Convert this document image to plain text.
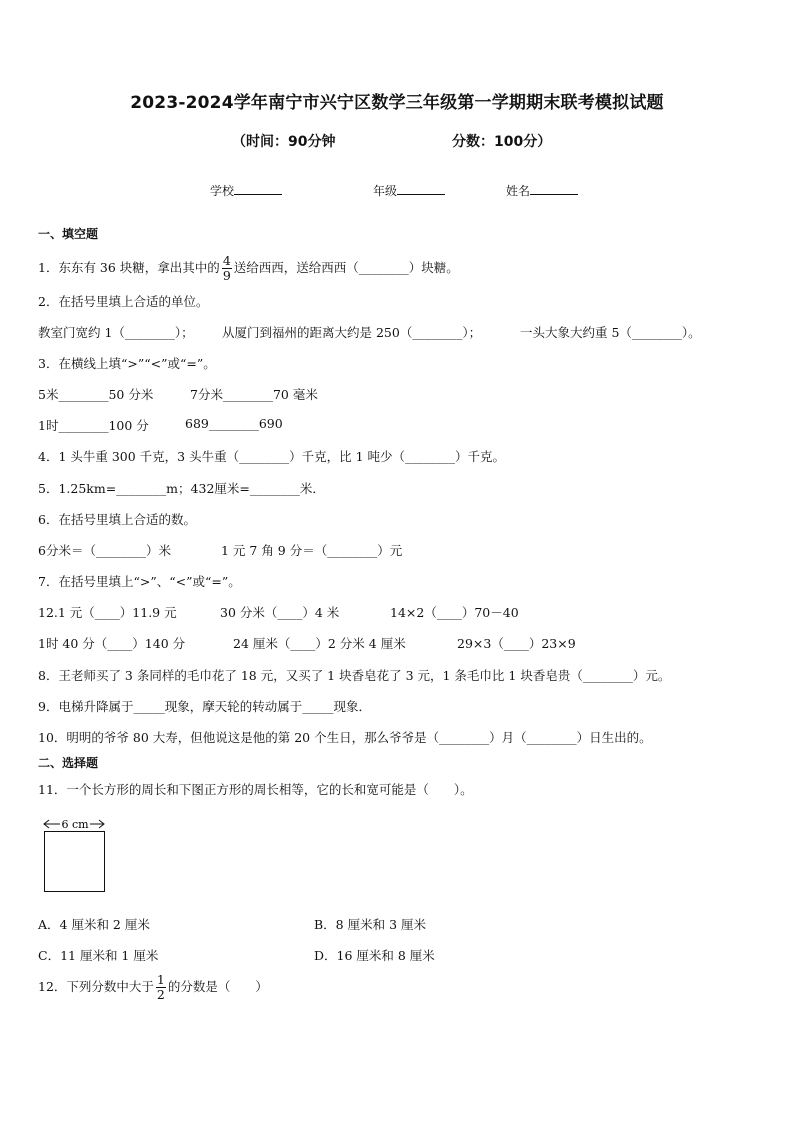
2023-2024学年南宁市兴宁区数学三年级第一学期期末联考模拟试题
（时间：90分钟	分数：100分）
学校	年级	姓名
一、填空题
1．东东有 36 块糖，拿出其中的 $\frac{4}{9}$ 送给西西，送给西西（________）块糖。
2．在括号里填上合适的单位。
教室门宽约 1（________）； 从厦门到福州的距离大约是 250（________）；	一头大象大约重 5（________）。
3．在横线上填“>”“<”或“=”。
5米________50 分米	7分米________70 毫米
1时________100 分	689________690
4．1 头牛重 300 千克，3 头牛重（________）千克，比 1 吨少（________）千克。
5．1.25km=________m；432厘米=________米．
6．在括号里填上合适的数。
6分米＝（________）米	1 元 7 角 9 分＝（________）元
7．在括号里填上“>”、“<”或“=”。
12.1 元（____）11.9 元	30 分米（____）4 米	14×2（____）70－40
1时 40 分（____）140 分	24 厘米（____）2 分米 4 厘米	29×3（____）23×9
8．王老师买了 3 条同样的毛巾花了 18 元，又买了 1 块香皂花了 3 元，1 条毛巾比 1 块香皂贵（________）元。
9．电梯升降属于_____现象，摩天轮的转动属于_____现象．
10．明明的爷爷 80 大寿，但他说这是他的第 20 个生日，那么爷爷是（________）月（________）日生出的。
二、选择题
11．一个长方形的周长和下图正方形的周长相等，它的长和宽可能是（　　）。
6 cm
A．4 厘米和 2 厘米	B．8 厘米和 3 厘米
C．11 厘米和 1 厘米	D．16 厘米和 8 厘米
12．下列分数中大于 $\frac{1}{2}$ 的分数是（　　）
